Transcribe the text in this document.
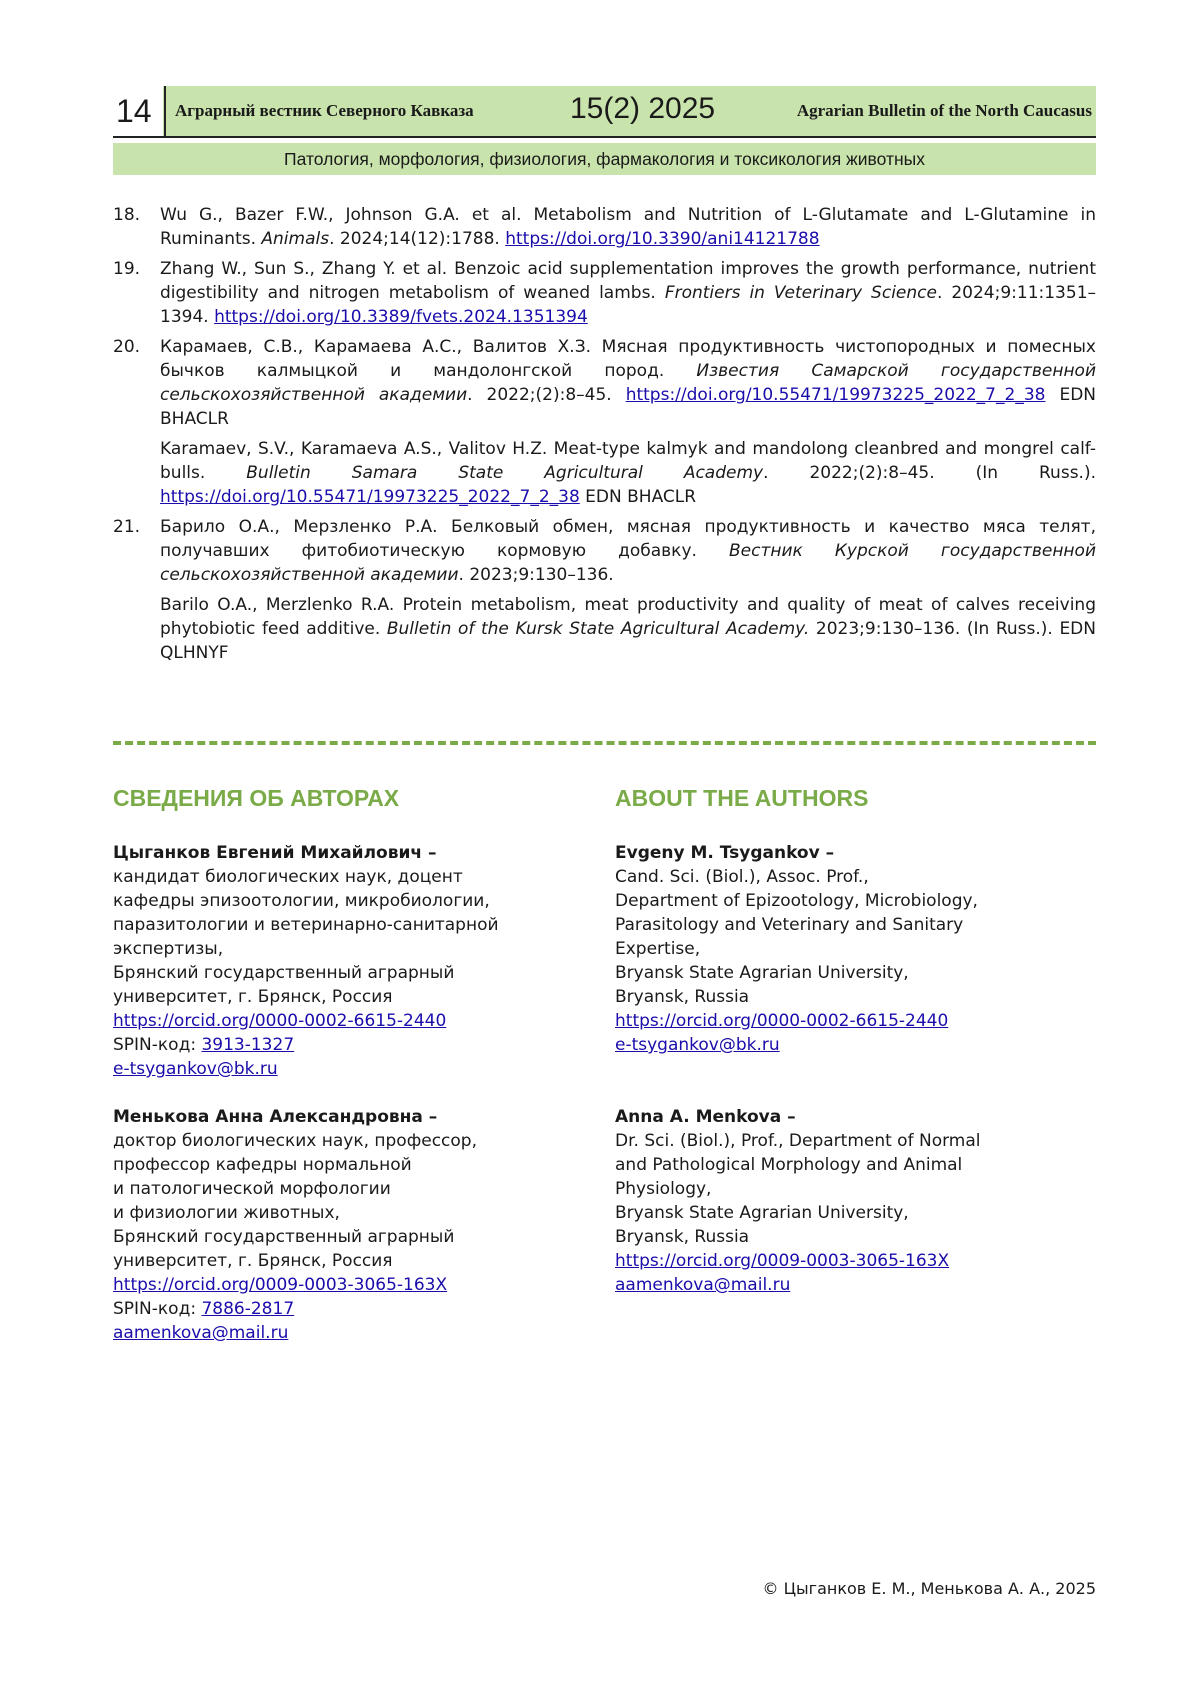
14	Аграрный вестник Северного Кавказа	15(2) 2025	Agrarian Bulletin of the North Caucasus
Патология, морфология, физиология, фармакология и токсикология животных
18. Wu G., Bazer F.W., Johnson G.A. et al. Metabolism and Nutrition of L-Glutamate and L-Glutamine in Ruminants. Animals. 2024;14(12):1788. https://doi.org/10.3390/ani14121788

19. Zhang W., Sun S., Zhang Y. et al. Benzoic acid supplementation improves the growth performance, nutrient digestibility and nitrogen metabolism of weaned lambs. Frontiers in Veterinary Science. 2024;9:11:1351–1394. https://doi.org/10.3389/fvets.2024.1351394

20. Карамаев, С.В., Карамаева А.С., Валитов Х.З. Мясная продуктивность чистопородных и помесных бычков калмыцкой и мандолонгской пород. Известия Самарской государственной сельскохозяйственной академии. 2022;(2):8–45. https://doi.org/10.55471/19973225_2022_7_2_38 EDN BHACLR

Karamaev, S.V., Karamaeva A.S., Valitov H.Z. Meat-type kalmyk and mandolong cleanbred and mongrel calf-bulls. Bulletin Samara State Agricultural Academy. 2022;(2):8–45. (In Russ.). https://doi.org/10.55471/19973225_2022_7_2_38 EDN BHACLR

21. Барило О.А., Мерзленко Р.А. Белковый обмен, мясная продуктивность и качество мяса телят, получавших фитобиотическую кормовую добавку. Вестник Курской государственной сельскохозяйственной академии. 2023;9:130–136.

Barilo O.A., Merzlenko R.A. Protein metabolism, meat productivity and quality of meat of calves receiving phytobiotic feed additive. Bulletin of the Kursk State Agricultural Academy. 2023;9:130–136. (In Russ.). EDN QLHNYF

СВЕДЕНИЯ ОБ АВТОРАХ
Цыганков Евгений Михайлович –
кандидат биологических наук, доцент
кафедры эпизоотологии, микробиологии,
паразитологии и ветеринарно-санитарной
экспертизы,
Брянский государственный аграрный
университет, г. Брянск, Россия
https://orcid.org/0000-0002-6615-2440
SPIN-код: 3913-1327
e-tsygankov@bk.ru
Менькова Анна Александровна –
доктор биологических наук, профессор,
профессор кафедры нормальной
и патологической морфологии
и физиологии животных,
Брянский государственный аграрный
университет, г. Брянск, Россия
https://orcid.org/0009-0003-3065-163X
SPIN-код: 7886-2817
aamenkova@mail.ru
ABOUT THE AUTHORS
Evgeny M. Tsygankov –
Cand. Sci. (Biol.), Assoc. Prof.,
Department of Epizootology, Microbiology,
Parasitology and Veterinary and Sanitary
Expertise,
Bryansk State Agrarian University,
Bryansk, Russia
https://orcid.org/0000-0002-6615-2440
e-tsygankov@bk.ru
Anna A. Menkova –
Dr. Sci. (Biol.), Prof., Department of Normal
and Pathological Morphology and Animal
Physiology,
Bryansk State Agrarian University,
Bryansk, Russia
https://orcid.org/0009-0003-3065-163X
aamenkova@mail.ru
© Цыганков Е. М., Менькова А. А., 2025
